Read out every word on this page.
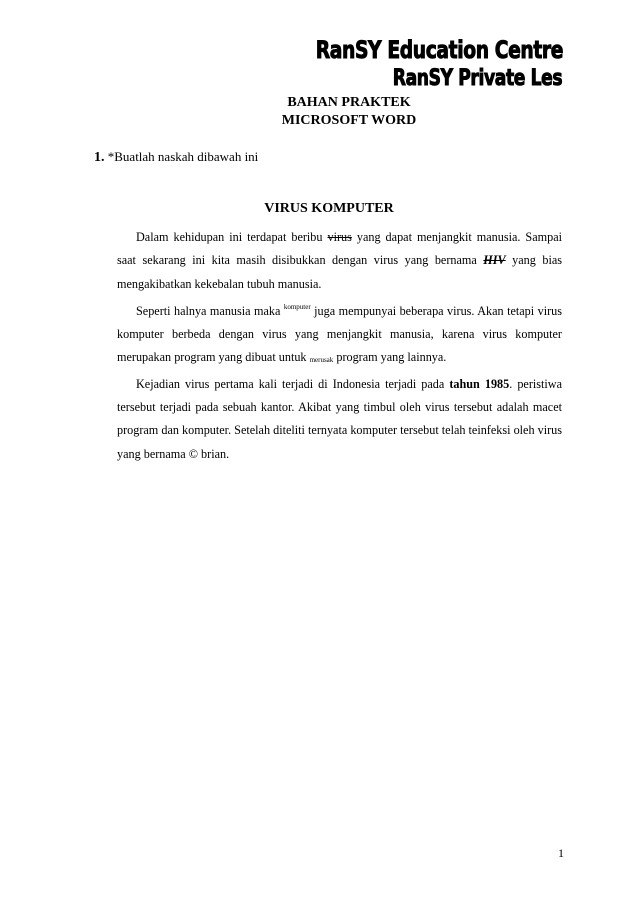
RanSY Education Centre
RanSY Private Les
BAHAN PRAKTEK
MICROSOFT WORD
1. *Buatlah naskah dibawah ini
VIRUS KOMPUTER

Dalam kehidupan ini terdapat beribu virus yang dapat menjangkit manusia. Sampai saat sekarang ini kita masih disibukkan dengan virus yang bernama HIV yang bias mengakibatkan kekebalan tubuh manusia.

Seperti halnya manusia maka $^{komputer}$ juga mempunyai beberapa virus. Akan tetapi virus komputer berbeda dengan virus yang menjangkit manusia, karena virus komputer merupakan program yang dibuat untuk merusak program yang lainnya.

Kejadian virus pertama kali terjadi di Indonesia terjadi pada tahun 1985. peristiwa tersebut terjadi pada sebuah kantor. Akibat yang timbul oleh virus tersebut adalah macet program dan komputer. Setelah diteliti ternyata komputer tersebut telah teinfeksi oleh virus yang bernama © brian.

1
